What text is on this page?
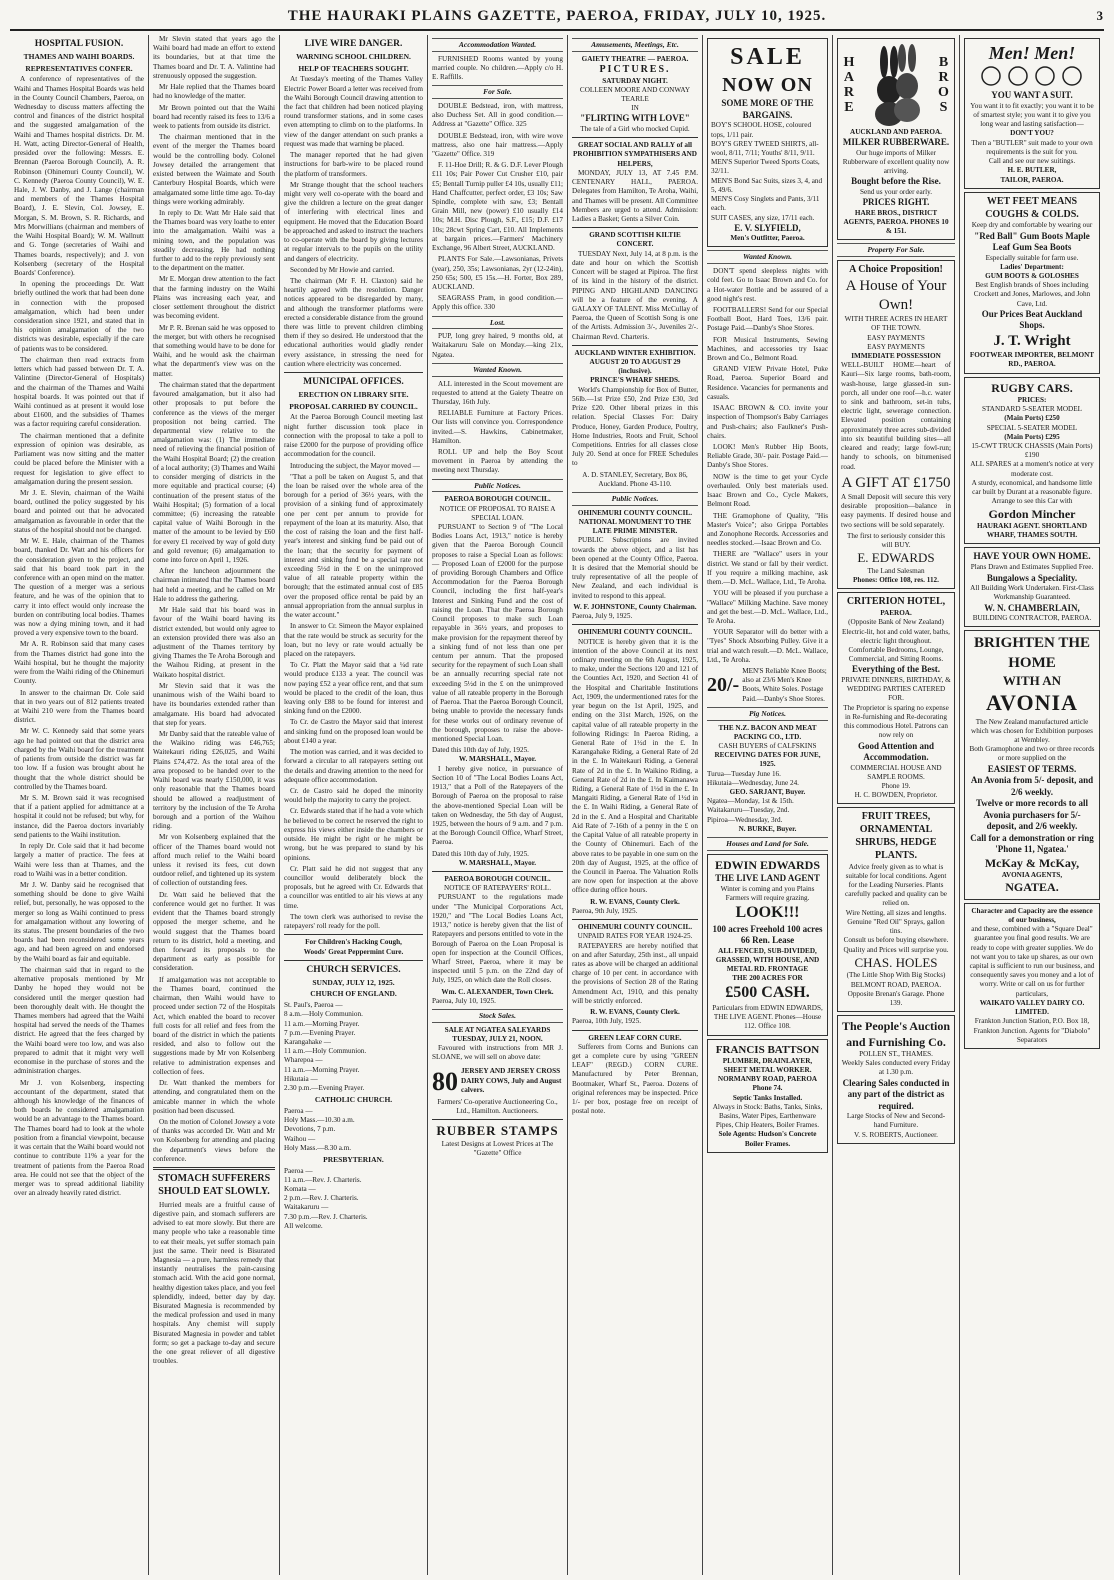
THE HAURAKI PLAINS GAZETTE, PAEROA, FRIDAY, JULY 10, 1925.	3
HOSPITAL FUSION.
THAMES AND WAIHI BOARDS.
REPRESENTATIVES CONFER.

A conference of representatives of the Waihi and Thames Hospital Boards was held in the County Council Chambers, Paeroa, on Wednesday to discuss matters affecting the control and finances of the district hospital and the suggested amalgamation of the Waihi and Thames hospital districts. Dr. M. H. Watt, acting Director-General of Health, presided over the following: Messrs. E. Brennan (Paeroa Borough Council), A. R. Robinson (Ohinemuri County Council), W. C. Kennedy (Paeroa County Council), W. E. Hale, J. W. Danby, and J. Lange (chairman and members of the Thames Hospital Board), J. E. Slevin, Col. Jowsey, E. Morgan, S. M. Brown, S. R. Richards, and Mrs Morwillians (chairman and members of the Waihi Hospital Board); W. M. Wallnutt and G. Tonge (secretaries of Waihi and Thames boards, respectively); and J. von Kolsenberg (secretary of the Hospital Boards' Conference).

In opening the proceedings Dr. Watt briefly outlined the work that had been done in connection with the proposed amalgamation, which had been under consideration since 1921, and stated that in his opinion amalgamation of the two districts was desirable, especially if the care of patients was to be considered.

The chairman then read extracts from letters which had passed between Dr. T. A. Valintine (Director-General of Hospitals) and the chairman of the Thames and Waihi hospital boards. It was pointed out that if Waihi continued as at present it would lose about £1600, and the subsidies of Thames was a factor requiring careful consideration.

The chairman mentioned that a definite expression of opinion was desirable, as Parliament was now sitting and the matter could be placed before the Minister with a request for legislation to give effect to amalgamation during the present session.

Mr J. E. Slevin, chairman of the Waihi board, outlined the policy suggested by his board and pointed out that he advocated amalgamation as favourable in order that the status of the hospital should not be changed.

Mr W. E. Hale, chairman of the Thames board, thanked Dr. Watt and his officers for the consideration given to the project, and said that his board took part in the conference with an open mind on the matter. The question of a merger was a serious feature, and he was of the opinion that to carry it into effect would only increase the burden on contributing local bodies. Thames was now a dying mining town, and it had proved a very expensive town to the board.

Mr A. R. Robinson said that many cases from the Thames district had gone into the Waihi hospital, but he thought the majority were from the Waihi riding of the Ohinemuri County.

In answer to the chairman Dr. Cole said that in two years out of 812 patients treated at Waihi 210 were from the Thames board district.

Mr W. C. Kennedy said that some years ago he had pointed out that the district area charged by the Waihi board for the treatment of patients from outside the district was far too low. If a fusion was brought about he thought that the whole district should be controlled by the Thames board.

Mr S. M. Brown said it was recognised that if a patient applied for admittance at a hospital it could not be refused; but why, for instance, did the Paeroa doctors invariably send patients to the Waihi institution.

In reply Dr. Cole said that it had become largely a matter of practice. The fees at Waihi were less than at Thames, and the road to Waihi was in a better condition.

Mr J. W. Danby said he recognised that something should be done to give Waihi relief, but, personally, he was opposed to the merger so long as Waihi continued to press for amalgamation without any lowering of its status. The present boundaries of the two boards had been reconsidered some years ago, and had been agreed on and endorsed by the Waihi board as fair and equitable.

The chairman said that in regard to the alternative proposals mentioned by Mr Danby he hoped they would not be considered until the merger question had been thoroughly dealt with. He thought the Thames members had agreed that the Waihi hospital had served the needs of the Thames district. He agreed that the fees charged by the Waihi board were too low, and was also prepared to admit that it might very well economise in the purchase of stores and the administration charges.

Mr J. von Kolsenberg, inspecting accountant of the department, stated that although his knowledge of the finances of both boards he considered amalgamation would be an advantage to the Thames board. The Thames board had to look at the whole position from a financial viewpoint, because it was certain that the Waihi board would not continue to contribute 11% a year for the treatment of patients from the Paeroa Road area. He could not see that the object of the merger was to spread additional liability over an already heavily rated district.

Mr Slevin stated that years ago the Waihi board had made an effort to extend its boundaries, but at that time the Thames board and Dr. T. A. Valintine had strenuously opposed the suggestion.

Mr Hale replied that the Thames board had no knowledge of the matter.

Mr Brown pointed out that the Waihi board had recently raised its fees to 13/6 a week to patients from outside its district.

The chairman mentioned that in the event of the merger the Thames board would be the controlling body. Colonel Jowsey detailed the arrangement that existed between the Waimate and South Canterbury Hospital Boards, which were amalgamated some little time ago. To-day things were working admirably.

In reply to Dr. Watt Mr Hale said that the Thames board was very loathe to enter into the amalgamation. Waihi was a mining town, and the population was steadily decreasing. He had nothing further to add to the reply previously sent to the department on the matter.

Mr E. Morgan drew attention to the fact that the farming industry on the Waihi Plains was increasing each year, and closer settlement throughout the district was becoming evident.

Mr P. R. Brenan said he was opposed to the merger, but with others he recognised that something would have to be done for Waihi, and he would ask the chairman what the department's view was on the matter.

The chairman stated that the department favoured amalgamation, but it also had other proposals to put before the conference as the views of the merger proposition not being carried. The departmental view relative to the amalgamation was: (1) The immediate need of relieving the financial position of the Waihi Hospital Board; (2) the creation of a local authority; (3) Thames and Waihi to consider merging of districts in the more equitable and practical course; (4) continuation of the present status of the Waihi Hospital; (5) formation of a local committee; (6) increasing the rateable capital value of Waihi Borough in the matter of the amount to be levied by £60 for every £1 received by way of gold duty and gold revenue; (6) amalgamation to come into force on April 1, 1926.

After the luncheon adjournment the chairman intimated that the Thames board had held a meeting, and he called on Mr Hale to address the gathering.

Mr Hale said that his board was in favour of the Waihi board having its district extended, but would only agree to an extension provided there was also an adjustment of the Thames territory by giving Thames the Te Aroha Borough and the Waihou Riding, at present in the Waikato hospital district.

Mr Slevin said that it was the unanimous wish of the Waihi board to have its boundaries extended rather than amalgamate. His board had advocated that step for years.

Mr Danby said that the rateable value of the Waikino riding was £46,765; Waitekauri riding £26,025, and Waihi Plains £74,472. As the total area of the area proposed to be handed over to the Waihi board was nearly £150,000, it was only reasonable that the Thames board should be allowed a readjustment of territory by the inclusion of the Te Aroha borough and a portion of the Waihou riding.

Mr von Kolsenberg explained that the officer of the Thames board would not afford much relief to the Waihi board unless it revised its fees, cut down outdoor relief, and tightened up its system of collection of outstanding fees.

Dr. Watt said he believed that the conference would get no further. It was evident that the Thames board strongly opposed the merger scheme, and he would suggest that the Thames board return to its district, hold a meeting, and then forward its proposals to the department as early as possible for consideration.

If amalgamation was not acceptable to the Thames board, continued the chairman, then Waihi would have to proceed under section 72 of the Hospitals Act, which enabled the board to recover full costs for all relief and fees from the board of the district in which the patients resided, and also to follow out the suggestions made by Mr von Kolsenberg relative to administration expenses and collection of fees.

Dr. Watt thanked the members for attending, and congratulated them on the amicable manner in which the whole position had been discussed.

On the motion of Colonel Jowsey a vote of thanks was accorded Dr. Watt and Mr von Kolsenberg for attending and placing the department's views before the conference.

STOMACH SUFFERERS SHOULD EAT SLOWLY.

Hurried meals are a fruitful cause of digestive pain, and stomach sufferers are advised to eat more slowly. But there are many people who take a reasonable time to eat their meals, yet suffer stomach pain just the same. Their need is Bisurated Magnesia — a pure, harmless remedy that instantly neutralises the pain-causing stomach acid. With the acid gone normal, healthy digestion takes place, and you feel splendidly, indeed, better day by day. Bisurated Magnesia is recommended by the medical profession and used in many hospitals. Any chemist will supply Bisurated Magnesia in powder and tablet form; so get a package to-day and secure the one great reliever of all digestive troubles.

LIVE WIRE DANGER.
WARNING SCHOOL CHILDREN.
HELP OF TEACHERS SOUGHT.

At Tuesday's meeting of the Thames Valley Electric Power Board a letter was received from the Waihi Borough Council drawing attention to the fact that children had been noticed playing round transformer stations, and in some cases even attempting to climb on to the platforms. In view of the danger attendant on such pranks a request was made that warning be placed.

The manager reported that he had given instructions for barb-wire to be placed round the platform of transformers.

Mr Strange thought that the school teachers might very well co-operate with the board and give the children a lecture on the great danger of interfering with electrical lines and equipment. He moved that the Education Board be approached and asked to instruct the teachers to co-operate with the board by giving lectures at regular intervals to the pupils on the utility and dangers of electricity.

Seconded by Mr Howie and carried.

The chairman (Mr F. H. Claxton) said he heartily agreed with the resolution. Danger notices appeared to be disregarded by many, and although the transformer platforms were erected a considerable distance from the ground there was little to prevent children climbing them if they so desired. He understood that the educational authorities would gladly render every assistance, in stressing the need for caution where electricity was concerned.

MUNICIPAL OFFICES.
ERECTION ON LIBRARY SITE.
PROPOSAL CARRIED BY COUNCIL.

At the Paeroa Borough Council meeting last night further discussion took place in connection with the proposal to take a poll to raise £2000 for the purpose of providing office accommodation for the council.

Introducing the subject, the Mayor moved —

"That a poll be taken on August 5, and that the loan be raised over the whole area of the borough for a period of 36½ years, with the provision of a sinking fund of approximately one per cent per annum to provide for repayment of the loan at its maturity. Also, that the cost of raising the loan and the first half-year's interest and sinking fund be paid out of the loan; that the security for payment of interest and sinking fund be a special rate not exceeding 5½d in the £ on the unimproved value of all rateable property within the borough; that the estimated annual cost of £85 over the proposed office rental be paid by an annual appropriation from the annual surplus in the water account."

In answer to Cr. Simeon the Mayor explained that the rate would be struck as security for the loan, but no levy or rate would actually be placed on the ratepayers.

To Cr. Platt the Mayor said that a ¼d rate would produce £133 a year. The council was now paying £52 a year office rent, and that sum would be placed to the credit of the loan, thus leaving only £88 to be found for interest and sinking fund on the £2000.

To Cr. de Castro the Mayor said that interest and sinking fund on the proposed loan would be about £140 a year.

The motion was carried, and it was decided to forward a circular to all ratepayers setting out the details and drawing attention to the need for adequate office accommodation.

Cr. de Castro said he doped the minority would help the majority to carry the project.

Cr. Edwards stated that if he had a vote which he believed to be correct he reserved the right to express his views either inside the chambers or outside. He might be right or he might be wrong, but he was prepared to stand by his opinions.

Cr. Platt said he did not suggest that any councillor would deliberately block the proposals, but he agreed with Cr. Edwards that a councillor was entitled to air his views at any time.

The town clerk was authorised to revise the ratepayers' roll ready for the poll.

For Children's Hacking Cough,
Woods' Great Peppermint Cure.
CHURCH SERVICES.
SUNDAY, JULY 12, 1925.
CHURCH OF ENGLAND.
St. Paul's, Paeroa —
8 a.m.—Holy Communion.
11 a.m.—Morning Prayer.
7 p.m.—Evening Prayer.
Karangahake —
11 a.m.—Holy Communion.
Wharepoa —
11 a.m.—Morning Prayer.
Hikutaia —
2.30 p.m.—Evening Prayer.
CATHOLIC CHURCH.
Paeroa —
Holy Mass.—10.30 a.m.
Devotions, 7 p.m.
Waihou —
Holy Mass.—8.30 a.m.
PRESBYTERIAN.
Paeroa —
11 a.m.—Rev. J. Charteris.
Komata —
2 p.m.—Rev. J. Charteris.
Waitakaruru —
7.30 p.m.—Rev. J. Charteris.
All welcome.
Accommodation Wanted.

FURNISHED Rooms wanted by young married couple. No children.—Apply c/o H. E. Raffills.

For Sale.

DOUBLE Bedstead, iron, with mattress, also Duchess Set. All in good condition.—Address at "Gazette" Office. 325

DOUBLE Bedstead, iron, with wire wove mattress, also one hair mattress.—Apply "Gazette" Office. 319

F. 11-Hoe Drill; R. & G. D.F. Lever Plough £11 10s; Pair Power Cut Crusher £10, pair £5; Bentall Turnip puller £4 10s, usually £11; Hand Chaffcutter, perfect order, £3 10s; Saw Spindle, complete with saw, £3; Bentall Grain Mill, new (power) £10 usually £14 10s; M.H. Disc Plough, S.F., £15; D.F. £17 10s; 28cwt Spring Cart, £10. All Implements at bargain prices.—Farmers' Machinery Exchange, 96 Albert Street, AUCKLAND.

PLANTS For Sale.—Lawsonianas, Privets (year), 250, 35s; Lawsonianas, 2yr (12-24in), 250 65s; 500, £5 15s.—H. Forter, Box 289, AUCKLAND.

SEAGRASS Pram, in good condition.—Apply this office. 330

Lost.

PUP, long grey haired, 9 months old, at Waitakaruru Sale on Monday.—king 21x, Ngatea.

Wanted Known.

ALL interested in the Scout movement are requested to attend at the Gaiety Theatre on Thursday, 16th July.

RELIABLE Furniture at Factory Prices. Our lists will convince you. Correspondence invited.—S. Hawkins, Cabinetmaker, Hamilton.

ROLL UP and help the Boy Scout movement in Paeroa by attending the meeting next Thursday.

Public Notices.
PAEROA BOROUGH COUNCIL.
NOTICE OF PROPOSAL TO RAISE A SPECIAL LOAN.

PURSUANT to Section 9 of "The Local Bodies Loans Act, 1913," notice is hereby given that the Paeroa Borough Council proposes to raise a Special Loan as follows: — Proposed Loan of £2000 for the purpose of providing Borough Chambers and Office Accommodation for the Paeroa Borough Council, including the first half-year's Interest and Sinking Fund and the cost of raising the Loan. That the Paeroa Borough Council proposes to make such Loan repayable in 36½ years, and proposes to make provision for the repayment thereof by a sinking fund of not less than one per centum per annum. That the proposed security for the repayment of such Loan shall be an annually recurring special rate not exceeding 5½d in the £ on the unimproved value of all rateable property in the Borough of Paeroa. That the Paeroa Borough Council, being unable to provide the necessary funds for these works out of ordinary revenue of the borough, proposes to raise the above-mentioned Special Loan.

Dated this 10th day of July, 1925.
W. MARSHALL, Mayor.

I hereby give notice, in pursuance of Section 10 of "The Local Bodies Loans Act, 1913," that a Poll of the Ratepayers of the Borough of Paeroa on the proposal to raise the above-mentioned Special Loan will be taken on Wednesday, the 5th day of August, 1925, between the hours of 9 a.m. and 7 p.m. at the Borough Council Office, Wharf Street, Paeroa.

Dated this 10th day of July, 1925.
W. MARSHALL, Mayor.
PAEROA BOROUGH COUNCIL.
NOTICE OF RATEPAYERS' ROLL.

PURSUANT to the regulations made under "The Municipal Corporations Act, 1920," and "The Local Bodies Loans Act, 1913," notice is hereby given that the list of Ratepayers and persons entitled to vote in the Borough of Paeroa on the Loan Proposal is open for inspection at the Council Offices, Wharf Street, Paeroa, where it may be inspected until 5 p.m. on the 22nd day of July, 1925, on which date the Roll closes.

Wm. C. ALEXANDER, Town Clerk.
Paeroa, July 10, 1925.
Stock Sales.
SALE AT NGATEA SALEYARDS
TUESDAY, JULY 21, NOON.

Favoured with instructions from MR J. SLOANE, we will sell on above date:

80 JERSEY AND JERSEY CROSS DAIRY COWS, July and August calvers.
Farmers' Co-operative Auctioneering Co., Ltd., Hamilton. Auctioneers.
RUBBER STAMPS
Latest Designs at Lowest Prices at The "Gazette" Office
Amusements, Meetings, Etc.
GAIETY THEATRE — PAEROA.
PICTURES.
SATURDAY NIGHT.
COLLEEN MOORE AND CONWAY TEARLE
IN
"FLIRTING WITH LOVE"
The tale of a Girl who mocked Cupid.
GREAT SOCIAL AND RALLY of all PROHIBITION SYMPATHISERS AND HELPERS,

MONDAY, JULY 13, AT 7.45 P.M. CENTENARY HALL, PAEROA. Delegates from Hamilton, Te Aroha, Waihi, and Thames will be present. All Committee Members are urged to attend. Admission: Ladies a Basket; Gents a Silver Coin.

GRAND SCOTTISH KILTIE CONCERT.

TUESDAY Next, July 14, at 8 p.m. is the date and hour on which the Scottish Concert will be staged at Pipiroa. The first of its kind in the history of the district. PIPING AND HIGHLAND DANCING will be a feature of the evening. A GALAXY OF TALENT. Miss McCullay of Paeroa, the Queen of Scottish Song is one of the Artists. Admission 3/-, Juveniles 2/-. Chairman Revd. Charteris.

AUCKLAND WINTER EXHIBITION.
AUGUST 20 TO AUGUST 29 (inclusive).
PRINCE'S WHARF SHEDS.

World's Championship for Box of Butter, 56lb.—1st Prize £50, 2nd Prize £30, 3rd Prize £20. Other liberal prizes in this relation. Special Classes For: Dairy Produce, Honey, Garden Produce, Poultry, Home Industries, Roots and Fruit, School Competitions. Entries for all classes close July 20. Send at once for FREE Schedules to

A. D. STANLEY, Secretary, Box 86, Auckland. Phone 43-110.
Public Notices.
OHINEMURI COUNTY COUNCIL.
NATIONAL MONUMENT TO THE LATE PRIME MINISTER.

PUBLIC Subscriptions are invited towards the above object, and a list has been opened at the County Office, Paeroa. It is desired that the Memorial should be truly representative of all the people of New Zealand, and each individual is invited to respond to this appeal.

W. F. JOHNSTONE, County Chairman.
Paeroa, July 9, 1925.
OHINEMURI COUNTY COUNCIL.

NOTICE is hereby given that it is the intention of the above Council at its next ordinary meeting on the 6th August, 1925, to make, under the Sections 120 and 121 of the Counties Act, 1920, and Section 41 of the Hospital and Charitable Institutions Act, 1909, the undermentioned rates for the year begun on the 1st April, 1925, and ending on the 31st March, 1926, on the capital value of all rateable property in the following Ridings: In Paeroa Riding, a General Rate of 1½d in the £. In Karangahake Riding, a General Rate of 2d in the £. In Waitekauri Riding, a General Rate of 2d in the £. In Waikino Riding, a General Rate of 2d in the £. In Kaimanawa Riding, a General Rate of 1½d in the £. In Mangaiti Riding, a General Rate of 1½d in the £. In Waihi Riding, a General Rate of 2d in the £. And a Hospital and Charitable Aid Rate of 7-16th of a penny in the £ on the Capital Value of all rateable property in the County of Ohinemuri. Each of the above rates to be payable in one sum on the 20th day of August, 1925, at the office of the Council in Paeroa. The Valuation Rolls are now open for inspection at the above office during office hours.

R. W. EVANS, County Clerk.
Paeroa, 9th July, 1925.
OHINEMURI COUNTY COUNCIL.
UNPAID RATES FOR YEAR 1924-25.

RATEPAYERS are hereby notified that on and after Saturday, 25th inst., all unpaid rates as above will be charged an additional charge of 10 per cent. in accordance with the provisions of Section 28 of the Rating Amendment Act, 1910, and this penalty will be strictly enforced.

R. W. EVANS, County Clerk.
Paeroa, 10th July, 1925.
GREEN LEAF CORN CURE.

Sufferers from Corns and Bunions can get a complete cure by using "GREEN LEAF" (REGD.) CORN CURE. Manufactured by Peter Brennan, Bootmaker, Wharf St., Paeroa. Dozens of original references may be inspected. Price 1/- per box, postage free on receipt of postal note.

SALE
NOW ON
SOME MORE OF THE BARGAINS.
BOY'S SCHOOL HOSE, coloured tops, 1/11 pair.
BOY'S GREY TWEED SHIRTS, all-wool, 8/11, 7/11; Youths' 8/11, 9/11.
MEN'S Superior Tweed Sports Coats, 32/11.
MEN'S Bond Sac Suits, sizes 3, 4, and 5, 49/6.
MEN'S Cosy Singlets and Pants, 3/11 each.
SUIT CASES, any size, 17/11 each.
E. V. SLYFIELD,
Men's Outfitter, Paeroa.
Wanted Known.

DON'T spend sleepless nights with cold feet. Go to Isaac Brown and Co. for a Hot-water Bottle and be assured of a good night's rest.

FOOTBALLERS! Send for our Special Football Boot, Hard Toes, 13/6 pair. Postage Paid.—Danby's Shoe Stores.

FOR Musical Instruments, Sewing Machines, and accessories try Isaac Brown and Co., Belmont Road.

GRAND VIEW Private Hotel, Puke Road, Paeroa. Superior Board and Residence. Vacancies for permanents and casuals.

ISAAC BROWN & CO. invite your inspection of Thompson's Baby Carriages and Push-chairs; also Faulkner's Push-chairs.

LOOK! Men's Rubber Hip Boots, Reliable Grade, 30/- pair. Postage Paid.—Danby's Shoe Stores.

NOW is the time to get your Cycle overhauled. Only best materials used. Isaac Brown and Co., Cycle Makers, Belmont Road.

THE Gramophone of Quality, "His Master's Voice"; also Grippa Portables and Zonophone Records. Accessories and needles stocked.—Isaac Brown and Co.

THERE are "Wallace" users in your district. We stand or fall by their verdict. If you require a milking machine, ask them.—D. McL. Wallace, Ltd., Te Aroha.

YOU will be pleased if you purchase a "Wallace" Milking Machine. Save money and get the best.—D. McL. Wallace, Ltd., Te Aroha.

YOUR Separator will do better with a "Tyes" Shock Absorbing Pulley. Give it a trial and watch result.—D. McL. Wallace, Ltd., Te Aroha.

20/-
MEN'S Reliable Knee Boots; also at 23/6 Men's Knee Boots, White Soles. Postage Paid.—Danby's Shoe Stores.
Pig Notices.
THE N.Z. BACON AND MEAT PACKING CO., LTD.
CASH BUYERS of CALFSKINS
RECEIVING DATES FOR JUNE, 1925.
Turua—Tuesday June 16.
Hikutaia—Wednesday, June 24.
GEO. SARJANT, Buyer.
Ngatea—Monday, 1st & 15th.
Waitakaruru—Tuesday, 2nd.
Pipiroa—Wednesday, 3rd.
N. BURKE, Buyer.
Houses and Land for Sale.
EDWIN EDWARDS
THE LIVE LAND AGENT
Winter is coming and you Plains Farmers will require grazing.
LOOK!!!
100 acres Freehold 100 acres 66 Ren. Lease
ALL FENCED, SUB-DIVIDED, GRASSED, WITH HOUSE, AND METAL RD. FRONTAGE
THE 200 ACRES FOR
£500 CASH.
Particulars from EDWIN EDWARDS, THE LIVE AGENT. Phones—House 112. Office 108.
FRANCIS BATTSON
PLUMBER, DRAINLAYER, SHEET METAL WORKER.
NORMANBY ROAD, PAEROA Phone 74.
Septic Tanks Installed.
Always in Stock: Baths, Tanks, Sinks, Basins, Water Pipes, Earthenware Pipes, Chip Heaters, Boiler Frames.
Sole Agents: Hudson's Concrete Boiler Frames.
HARE	BROS
AUCKLAND AND PAEROA.
MILKER RUBBERWARE.
Our huge imports of Milker Rubberware of excellent quality now arriving.
Bought before the Rise.
Send us your order early.
PRICES RIGHT.
HARE BROS., DISTRICT AGENTS, PAEROA. PHONES 10 & 151.
Property For Sale.
A Choice Proposition!
A House of Your Own!
WITH THREE ACRES IN HEART OF THE TOWN.
EASY PAYMENTS
EASY PAYMENTS
IMMEDIATE POSSESSION

WELL-BUILT HOME—heart of Kauri—Six large rooms, bath-room, wash-house, large glassed-in sun-porch, all under one roof—h.c. water to sink and bathroom, set-in tubs, electric light, sewerage connection. Elevated position containing approximately three acres sub-divided into six beautiful building sites—all cleared and ready; large fowl-run; handy to schools, on bitumenised road.

A GIFT AT £1750

A Small Deposit will secure this very desirable proposition—balance in easy payments. If desired house and two sections will be sold separately.

The first to seriously consider this will BUY.
E. EDWARDS
The Land Salesman
Phones: Office 108, res. 112.
CRITERION HOTEL,
PAEROA.
(Opposite Bank of New Zealand)
Electric-lit, hot and cold water, baths, electric light throughout.
Comfortable Bedrooms, Lounge, Commercial, and Sitting Rooms.
Everything of the Best.
PRIVATE DINNERS, BIRTHDAY, & WEDDING PARTIES CATERED FOR.
The Proprietor is sparing no expense in Re-furnishing and Re-decorating this commodious Hotel. Patrons can now rely on
Good Attention and Accommodation.
COMMERCIAL HOUSE AND SAMPLE ROOMS.
Phone 19.
H. C. BOWDEN, Proprietor.
FRUIT TREES, ORNAMENTAL SHRUBS, HEDGE PLANTS.
Advice freely given as to what is suitable for local conditions. Agent for the Leading Nurseries. Plants carefully packed and quality can be relied on.
Wire Netting, all sizes and lengths.
Genuine "Red Oil" Sprays, gallon tins.
Consult us before buying elsewhere. Quality and Prices will surprise you.
CHAS. HOLES
(The Little Shop With Big Stocks) BELMONT ROAD, PAEROA. Opposite Brenan's Garage. Phone 139.
The People's Auction and Furnishing Co.
POLLEN ST., THAMES.
Weekly Sales conducted every Friday at 1.30 p.m.
Clearing Sales conducted in any part of the district as required.
Large Stocks of New and Second-hand Furniture.
V. S. ROBERTS, Auctioneer.
Men! Men!
YOU WANT A SUIT.
You want it to fit exactly; you want it to be of smartest style; you want it to give you long wear and lasting satisfaction—
DON'T YOU?
Then a "BUTLER" suit made to your own requirements is the suit for you.
Call and see our new suitings.
H. E. BUTLER,
TAILOR, PAEROA.
WET FEET MEANS COUGHS & COLDS.
Keep dry and comfortable by wearing our
"Red Ball" Gum Boots Maple Leaf Gum Sea Boots
Especially suitable for farm use.
Ladies' Department:
GUM BOOTS & GOLOSHES
Best English brands of Shoes including Crockett and Jones, Marlowes, and John Cave, Ltd.
Our Prices Beat Auckland Shops.
J. T. Wright
FOOTWEAR IMPORTER, BELMONT RD., PAEROA.
RUGBY CARS.
PRICES:
STANDARD 5-SEATER MODEL
(Main Ports) £250
SPECIAL 5-SEATER MODEL
(Main Ports) £295
15-CWT TRUCK CHASSIS (Main Ports) £190
ALL SPARES at a moment's notice at very moderate cost.
A sturdy, economical, and handsome little car built by Durant at a reasonable figure.
Arrange to see this Car with
Gordon Mincher
HAURAKI AGENT. SHORTLAND WHARF, THAMES SOUTH.
HAVE YOUR OWN HOME.
Plans Drawn and Estimates Supplied Free.
Bungalows a Speciality.
All Building Work Undertaken. First-Class Workmanship Guaranteed.
W. N. CHAMBERLAIN,
BUILDING CONTRACTOR, PAEROA.
BRIGHTEN THE HOME
WITH AN
AVONIA
The New Zealand manufactured article which was chosen for Exhibition purposes at Wembley.
Both Gramophone and two or three records or more supplied on the
EASIEST OF TERMS.
An Avonia from 5/- deposit, and 2/6 weekly.
Twelve or more records to all Avonia purchasers for 5/- deposit, and 2/6 weekly.
Call for a demonstration or ring 'Phone 11, Ngatea.'
McKay & McKay,
AVONIA AGENTS,
NGATEA.
Character and Capacity are the essence of our business,
and these, combined with a "Square Deal" guarantee you final good results. We are ready to cope with greater supplies. We do not want you to take up shares, as our own capital is sufficient to run our business, and consequently saves you money and a lot of worry. Write or call on us for further particulars,
WAIKATO VALLEY DAIRY CO. LIMITED.
Frankton Junction Station, P.O. Box 18, Frankton Junction. Agents for "Diabolo" Separators
